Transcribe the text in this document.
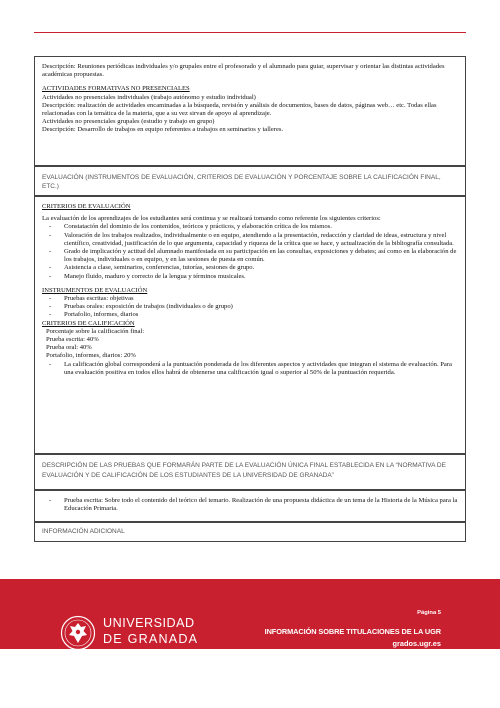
Descripción: Reuniones periódicas individuales y/o grupales entre el profesorado y el alumnado para guiar, supervisar y orientar las distintas actividades académicas propuestas.

ACTIVIDADES FORMATIVAS NO PRESENCIALES

Actividades no presenciales individuales (trabajo autónomo y estudio individual)

Descripción: realización de actividades encaminadas a la búsqueda, revisión y análisis de documentos, bases de datos, páginas web… etc. Todas ellas relacionadas con la temática de la materia, que a su vez sirvan de apoyo al aprendizaje.

Actividades no presenciales grupales (estudio y trabajo en grupo)

Descripción: Desarrollo de trabajos en equipo referentes a trabajos en seminarios y talleres.

EVALUACIÓN (INSTRUMENTOS DE EVALUACIÓN, CRITERIOS DE EVALUACIÓN Y PORCENTAJE SOBRE LA CALIFICACIÓN FINAL, ETC.)

CRITERIOS DE EVALUACIÓN

La evaluación de los aprendizajes de los estudiantes será continua y se realizará tomando como referente los siguientes criterios:

- Constatación del dominio de los contenidos, teóricos y prácticos, y elaboración crítica de los mismos.
- Valoración de los trabajos realizados, individualmente o en equipo, atendiendo a la presentación, redacción y claridad de ideas, estructura y nivel científico, creatividad, justificación de lo que argumenta, capacidad y riqueza de la crítica que se hace, y actualización de la bibliografía consultada.
- Grado de implicación y actitud del alumnado manifestada en su participación en las consultas, exposiciones y debates; así como en la elaboración de los trabajos, individuales o en equipo, y en las sesiones de puesta en común.
- Asistencia a clase, seminarios, conferencias, tutorías, sesiones de grupo.
- Manejo fluido, maduro y correcto de la lengua y términos musicales.

INSTRUMENTOS DE EVALUACIÓN

- Pruebas escritas: objetivas
- Pruebas orales: exposición de trabajos (individuales o de grupo)
- Portafolio, informes, diarios

CRITERIOS DE CALIFICACIÓN

Porcentaje sobre la calificación final:

Prueba escrita: 40%

Prueba oral: 40%

Portafolio, informes, diarios: 20%

- La calificación global corresponderá a la puntuación ponderada de los diferentes aspectos y actividades que integran el sistema de evaluación. Para una evaluación positiva en todos ellos habrá de obtenerse una calificación igual o superior al 50% de la puntuación requerida.
DESCRIPCIÓN DE LAS PRUEBAS QUE FORMARÁN PARTE DE LA EVALUACIÓN ÚNICA FINAL ESTABLECIDA EN LA “NORMATIVA DE EVALUACIÓN Y DE CALIFICACIÓN DE LOS ESTUDIANTES DE LA UNIVERSIDAD DE GRANADA”
- Prueba escrita: Sobre todo el contenido del teórico del temario. Realización de una propuesta didáctica de un tema de la Historia de la Música para la Educación Primaria.
INFORMACIÓN ADICIONAL
UNIVERSIDAD
DE GRANADA
Página 5
INFORMACIÓN SOBRE TITULACIONES DE LA UGR
grados.ugr.es
